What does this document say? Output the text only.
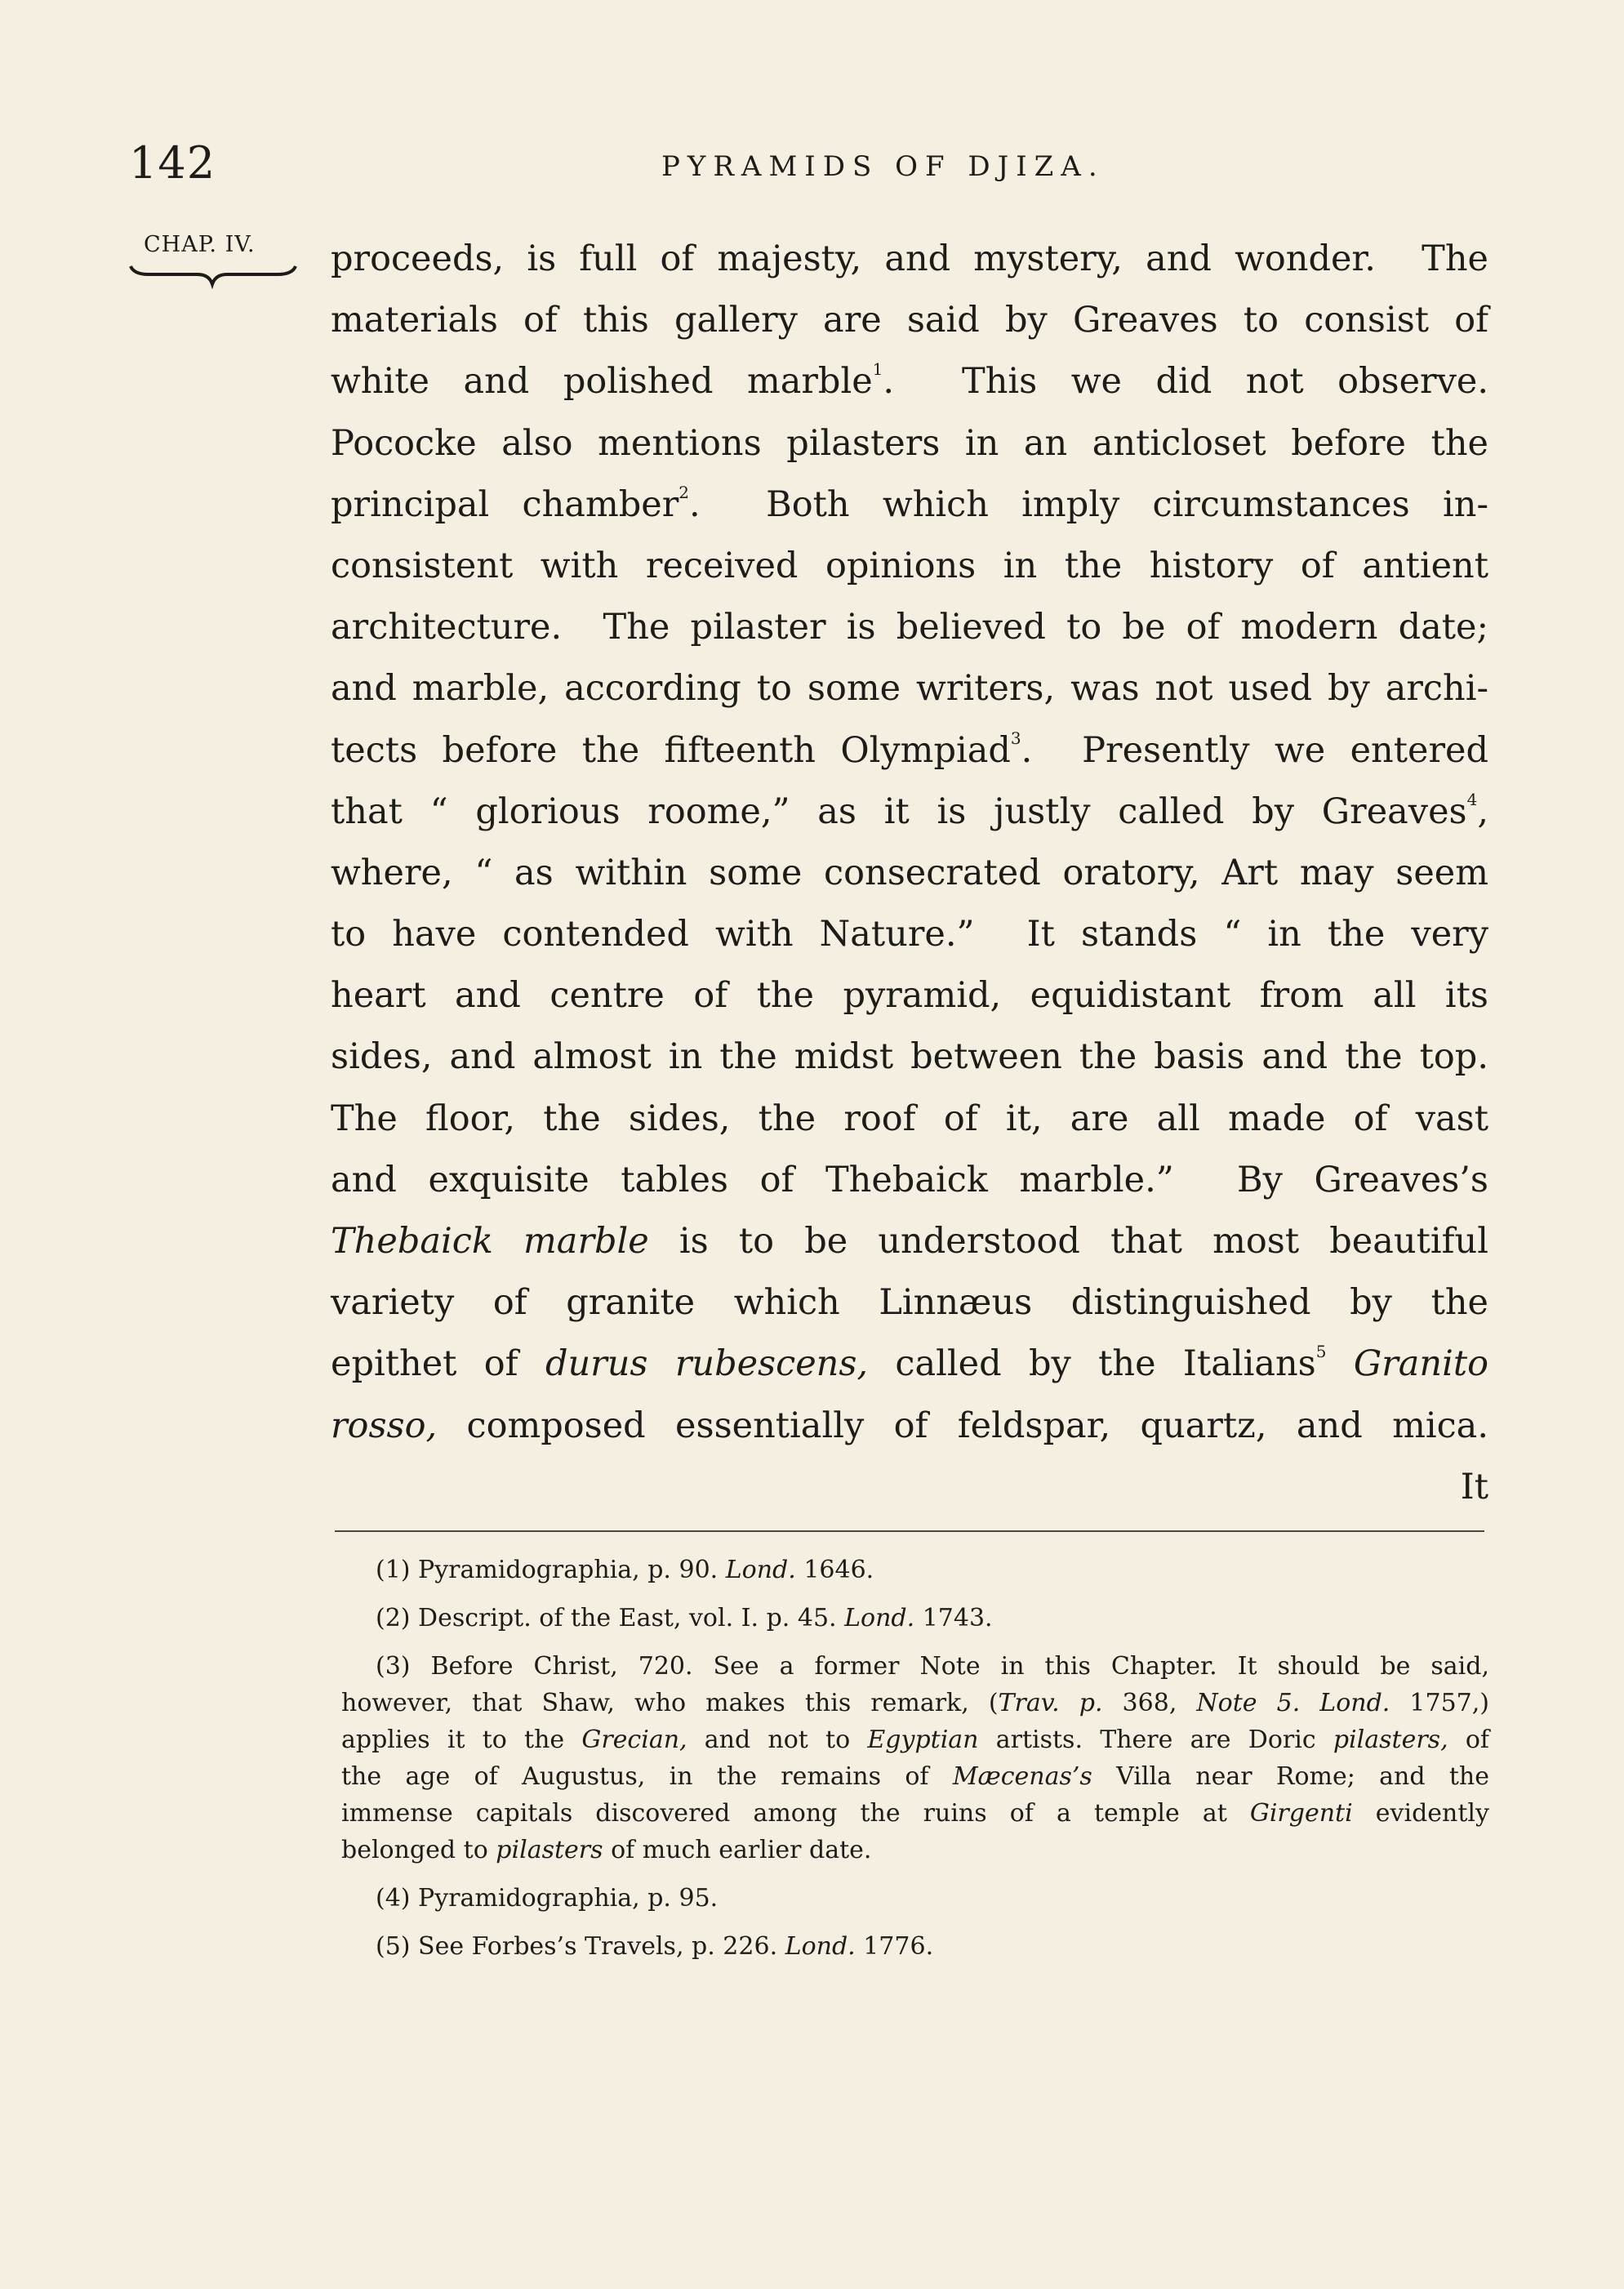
142	PYRAMIDS OF DJIZA.
CHAP. IV.	proceeds, is full of majesty, and mystery, and wonder.  The
materials of this gallery are said by Greaves to consist of
white and polished marble$^1$.  This we did not observe.
Pococke also mentions pilasters in an anticloset before the
principal chamber$^2$.  Both which imply circumstances in-
consistent with received opinions in the history of antient
architecture.  The pilaster is believed to be of modern date;
and marble, according to some writers, was not used by archi-
tects before the fifteenth Olympiad$^3$.  Presently we entered
that “ glorious roome,” as it is justly called by Greaves$^4$,
where, “ as within some consecrated oratory, Art may seem
to have contended with Nature.”  It stands “ in the very
heart and centre of the pyramid, equidistant from all its
sides, and almost in the midst between the basis and the top.
The floor, the sides, the roof of it, are all made of vast
and exquisite tables of Thebaick marble.”  By Greaves’s
Thebaick marble is to be understood that most beautiful
variety of granite which Linnæus distinguished by the
epithet of durus rubescens, called by the Italians$^5$ Granito
rosso, composed essentially of feldspar, quartz, and mica.
It
(1) Pyramidographia, p. 90. Lond. 1646.
(2) Descript. of the East, vol. I. p. 45. Lond. 1743.
(3) Before Christ, 720. See a former Note in this Chapter. It should be said,
however, that Shaw, who makes this remark, (Trav. p. 368, Note 5. Lond. 1757,)
applies it to the Grecian, and not to Egyptian artists. There are Doric pilasters, of
the age of Augustus, in the remains of Mæcenas’s Villa near Rome; and the
immense capitals discovered among the ruins of a temple at Girgenti evidently
belonged to pilasters of much earlier date.
(4) Pyramidographia, p. 95.
(5) See Forbes’s Travels, p. 226. Lond. 1776.
